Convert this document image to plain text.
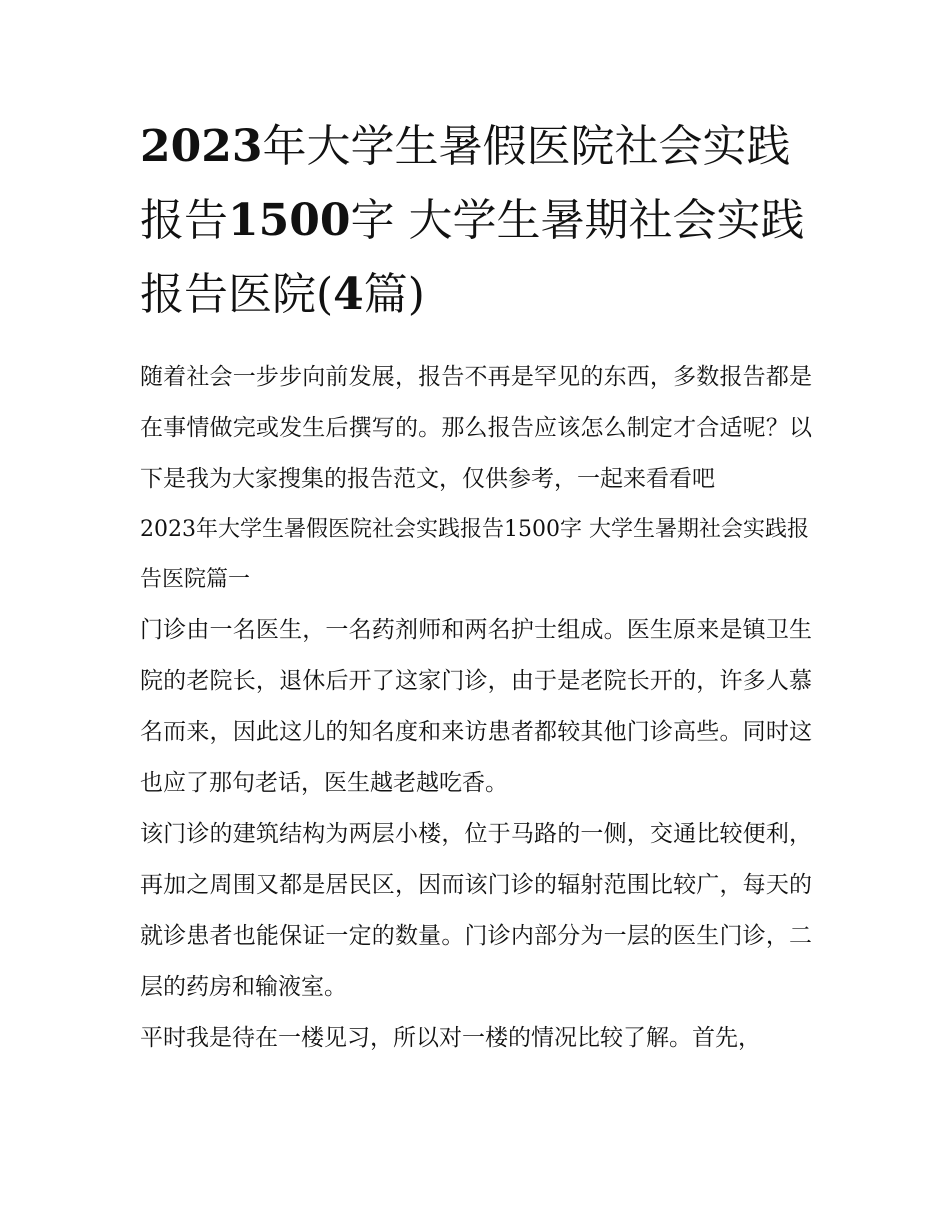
2023年大学生暑假医院社会实践报告1500字 大学生暑期社会实践报告医院(4篇)

随着社会一步步向前发展，报告不再是罕见的东西，多数报告都是在事情做完或发生后撰写的。那么报告应该怎么制定才合适呢？以下是我为大家搜集的报告范文，仅供参考，一起来看看吧

2023年大学生暑假医院社会实践报告1500字 大学生暑期社会实践报告医院篇一

门诊由一名医生，一名药剂师和两名护士组成。医生原来是镇卫生院的老院长，退休后开了这家门诊，由于是老院长开的，许多人慕名而来，因此这儿的知名度和来访患者都较其他门诊高些。同时这也应了那句老话，医生越老越吃香。

该门诊的建筑结构为两层小楼，位于马路的一侧，交通比较便利，再加之周围又都是居民区，因而该门诊的辐射范围比较广，每天的就诊患者也能保证一定的数量。门诊内部分为一层的医生门诊，二层的药房和输液室。

平时我是待在一楼见习，所以对一楼的情况比较了解。首先，
